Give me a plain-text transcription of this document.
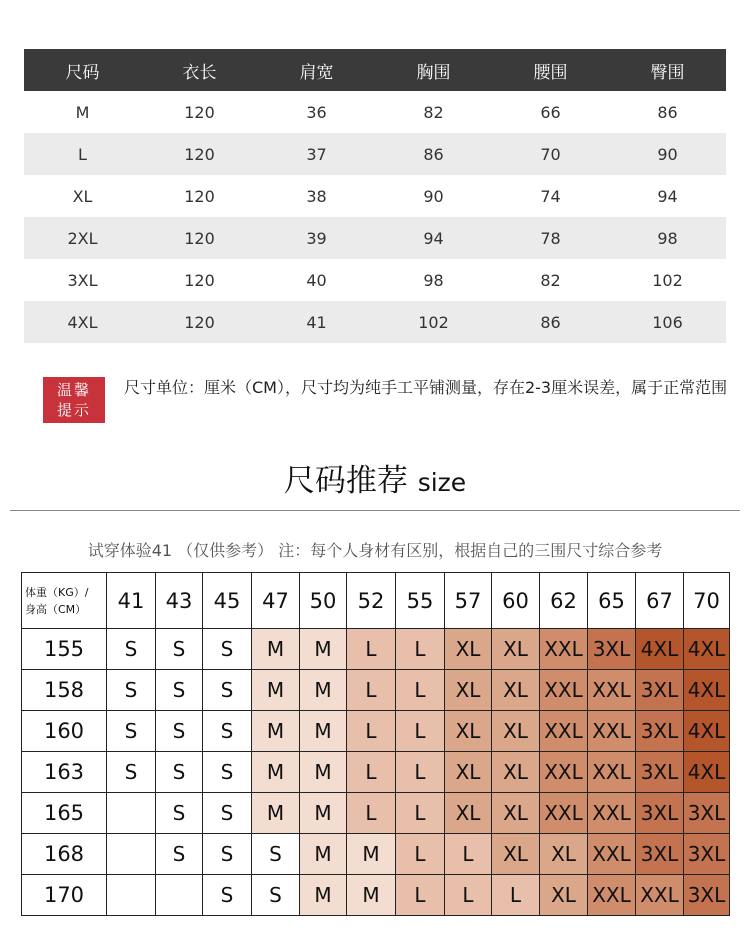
尺码	衣长	肩宽	胸围	腰围	臀围
M	120	36	82	66	86
L	120	37	86	70	90
XL	120	38	90	74	94
2XL	120	39	94	78	98
3XL	120	40	98	82	102
4XL	120	41	102	86	106
温馨
提示
尺寸单位：厘米（CM），尺寸均为纯手工平铺测量，存在2-3厘米误差，属于正常范围
尺码推荐 size
试穿体验41 （仅供参考） 注：每个人身材有区别，根据自己的三围尺寸综合参考
体重（KG）/
身高（CM）	41	43	45	47	50	52	55	57	60	62	65	67	70
155	S	S	S	M	M	L	L	XL	XL	XXL	3XL	4XL	4XL
158	S	S	S	M	M	L	L	XL	XL	XXL	XXL	3XL	4XL
160	S	S	S	M	M	L	L	XL	XL	XXL	XXL	3XL	4XL
163	S	S	S	M	M	L	L	XL	XL	XXL	XXL	3XL	4XL
165		S	S	M	M	L	L	XL	XL	XXL	XXL	3XL	3XL
168		S	S	S	M	M	L	L	XL	XL	XXL	3XL	3XL
170			S	S	M	M	L	L	L	XL	XXL	XXL	3XL
